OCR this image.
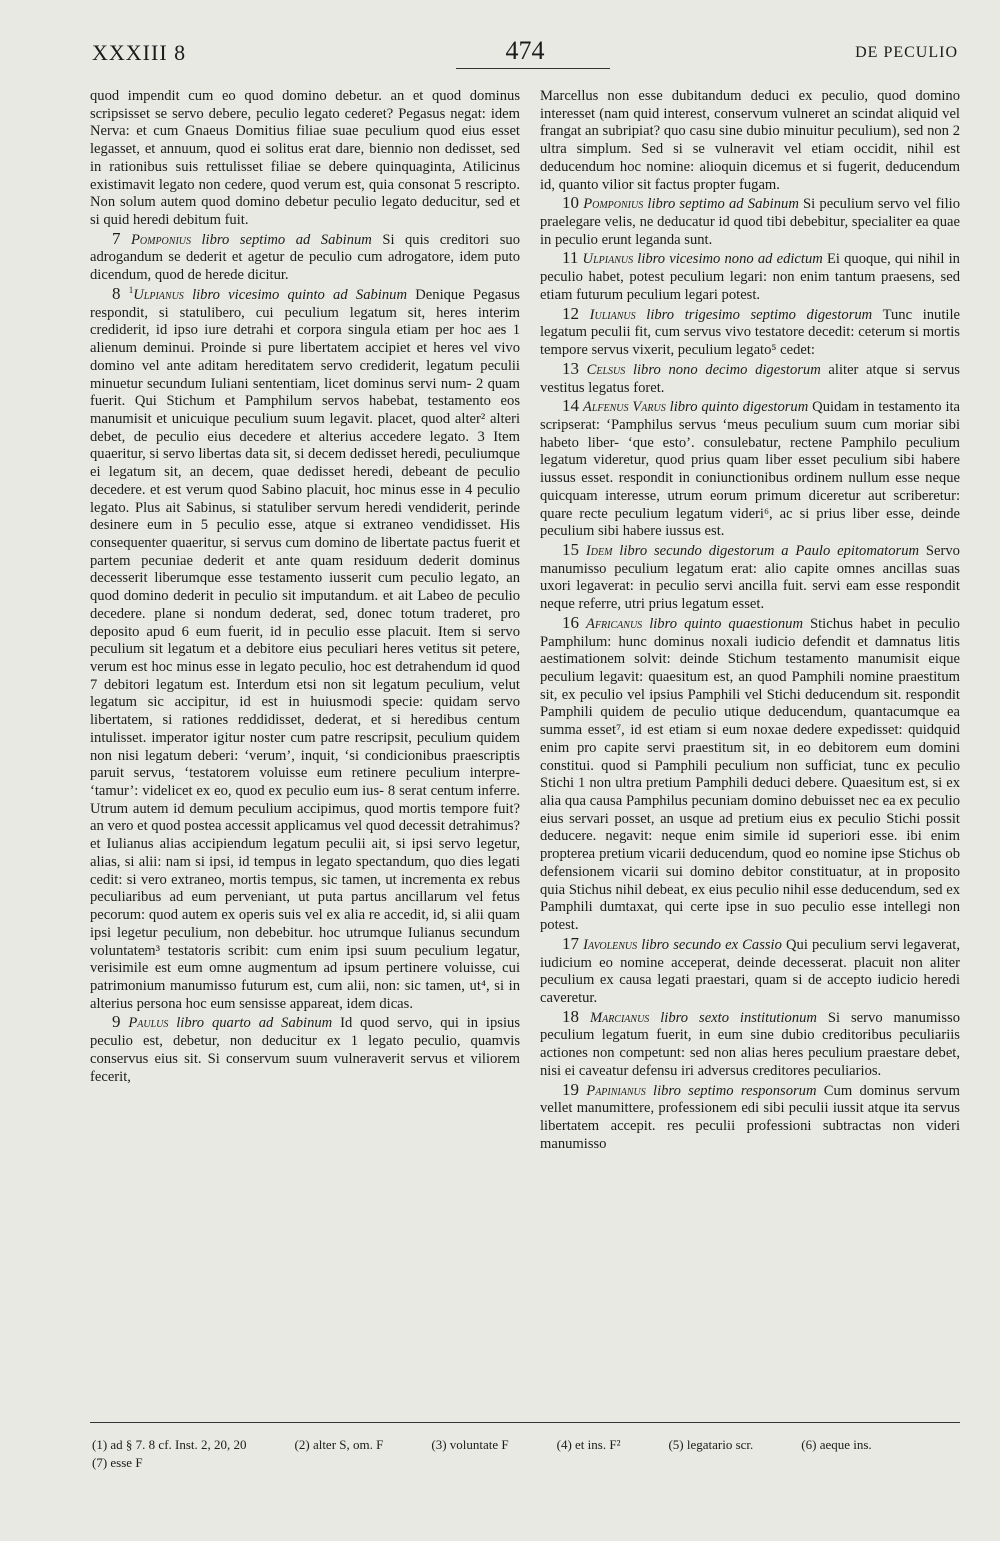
XXXIII 8	474	DE PECULIO

quod impendit cum eo quod domino debetur. an et quod dominus scripsisset se servo debere, peculio legato cederet? Pegasus negat: idem Nerva: et cum Gnaeus Domitius filiae suae peculium quod eius esset legasset, et annuum, quod ei solitus erat dare, biennio non dedisset, sed in rationibus suis rettulisset filiae se debere quinquaginta, Atilicinus existimavit legato non cedere, quod verum est, quia consonat 5 rescripto. Non solum autem quod domino debetur peculio legato deducitur, sed et si quid heredi debitum fuit.

7 Pomponius libro septimo ad Sabinum Si quis creditori suo adrogandum se dederit et agetur de peculio cum adrogatore, idem puto dicendum, quod de herede dicitur.

8 $^1$Ulpianus libro vicesimo quinto ad Sabinum Denique Pegasus respondit, si statulibero, cui peculium legatum sit, heres interim crediderit, id ipso iure detrahi et corpora singula etiam per hoc aes 1 alienum deminui. Proinde si pure libertatem accipiet et heres vel vivo domino vel ante aditam hereditatem servo crediderit, legatum peculii minuetur secundum Iuliani sententiam, licet dominus servi num- 2 quam fuerit. Qui Stichum et Pamphilum servos habebat, testamento eos manumisit et unicuique peculium suum legavit. placet, quod alter² alteri debet, de peculio eius decedere et alterius accedere legato. 3 Item quaeritur, si servo libertas data sit, si decem dedisset heredi, peculiumque ei legatum sit, an decem, quae dedisset heredi, debeant de peculio decedere. et est verum quod Sabino placuit, hoc minus esse in 4 peculio legato. Plus ait Sabinus, si statuliber servum heredi vendiderit, perinde desinere eum in 5 peculio esse, atque si extraneo vendidisset. His consequenter quaeritur, si servus cum domino de libertate pactus fuerit et partem pecuniae dederit et ante quam residuum dederit dominus decesserit liberumque esse testamento iusserit cum peculio legato, an quod domino dederit in peculio sit imputandum. et ait Labeo de peculio decedere. plane si nondum dederat, sed, donec totum traderet, pro deposito apud 6 eum fuerit, id in peculio esse placuit. Item si servo peculium sit legatum et a debitore eius peculiari heres vetitus sit petere, verum est hoc minus esse in legato peculio, hoc est detrahendum id quod 7 debitori legatum est. Interdum etsi non sit legatum peculium, velut legatum sic accipitur, id est in huiusmodi specie: quidam servo libertatem, si rationes reddidisset, dederat, et si heredibus centum intulisset. imperator igitur noster cum patre rescripsit, peculium quidem non nisi legatum deberi: ‘verum’, inquit, ‘si condicionibus praescriptis paruit servus, ‘testatorem voluisse eum retinere peculium interpre- ‘tamur’: videlicet ex eo, quod ex peculio eum ius- 8 serat centum inferre. Utrum autem id demum peculium accipimus, quod mortis tempore fuit? an vero et quod postea accessit applicamus vel quod decessit detrahimus? et Iulianus alias accipiendum legatum peculii ait, si ipsi servo legetur, alias, si alii: nam si ipsi, id tempus in legato spectandum, quo dies legati cedit: si vero extraneo, mortis tempus, sic tamen, ut incrementa ex rebus peculiaribus ad eum perveniant, ut puta partus ancillarum vel fetus pecorum: quod autem ex operis suis vel ex alia re accedit, id, si alii quam ipsi legetur peculium, non debebitur. hoc utrumque Iulianus secundum voluntatem³ testatoris scribit: cum enim ipsi suum peculium legatur, verisimile est eum omne augmentum ad ipsum pertinere voluisse, cui patrimonium manumisso futurum est, cum alii, non: sic tamen, ut⁴, si in alterius persona hoc eum sensisse appareat, idem dicas.

9 Paulus libro quarto ad Sabinum Id quod servo, qui in ipsius peculio est, debetur, non deducitur ex 1 legato peculio, quamvis conservus eius sit. Si conservum suum vulneraverit servus et viliorem fecerit,

Marcellus non esse dubitandum deduci ex peculio, quod domino interesset (nam quid interest, conservum vulneret an scindat aliquid vel frangat an subripiat? quo casu sine dubio minuitur peculium), sed non 2 ultra simplum. Sed si se vulneravit vel etiam occidit, nihil est deducendum hoc nomine: alioquin dicemus et si fugerit, deducendum id, quanto vilior sit factus propter fugam.

10 Pomponius libro septimo ad Sabinum Si peculium servo vel filio praelegare velis, ne deducatur id quod tibi debebitur, specialiter ea quae in peculio erunt leganda sunt.

11 Ulpianus libro vicesimo nono ad edictum Ei quoque, qui nihil in peculio habet, potest peculium legari: non enim tantum praesens, sed etiam futurum peculium legari potest.

12 Iulianus libro trigesimo septimo digestorum Tunc inutile legatum peculii fit, cum servus vivo testatore decedit: ceterum si mortis tempore servus vixerit, peculium legato⁵ cedet:

13 Celsus libro nono decimo digestorum aliter atque si servus vestitus legatus foret.

14 Alfenus Varus libro quinto digestorum Quidam in testamento ita scripserat: ‘Pamphilus servus ‘meus peculium suum cum moriar sibi habeto liber- ‘que esto’. consulebatur, rectene Pamphilo peculium legatum videretur, quod prius quam liber esset peculium sibi habere iussus esset. respondit in coniunctionibus ordinem nullum esse neque quicquam interesse, utrum eorum primum diceretur aut scriberetur: quare recte peculium legatum videri⁶, ac si prius liber esse, deinde peculium sibi habere iussus est.

15 Idem libro secundo digestorum a Paulo epitomatorum Servo manumisso peculium legatum erat: alio capite omnes ancillas suas uxori legaverat: in peculio servi ancilla fuit. servi eam esse respondit neque referre, utri prius legatum esset.

16 Africanus libro quinto quaestionum Stichus habet in peculio Pamphilum: hunc dominus noxali iudicio defendit et damnatus litis aestimationem solvit: deinde Stichum testamento manumisit eique peculium legavit: quaesitum est, an quod Pamphili nomine praestitum sit, ex peculio vel ipsius Pamphili vel Stichi deducendum sit. respondit Pamphili quidem de peculio utique deducendum, quantacumque ea summa esset⁷, id est etiam si eum noxae dedere expedisset: quidquid enim pro capite servi praestitum sit, in eo debitorem eum domini constitui. quod si Pamphili peculium non sufficiat, tunc ex peculio Stichi 1 non ultra pretium Pamphili deduci debere. Quaesitum est, si ex alia qua causa Pamphilus pecuniam domino debuisset nec ea ex peculio eius servari posset, an usque ad pretium eius ex peculio Stichi possit deducere. negavit: neque enim simile id superiori esse. ibi enim propterea pretium vicarii deducendum, quod eo nomine ipse Stichus ob defensionem vicarii sui domino debitor constituatur, at in proposito quia Stichus nihil debeat, ex eius peculio nihil esse deducendum, sed ex Pamphili dumtaxat, qui certe ipse in suo peculio esse intellegi non potest.

17 Iavolenus libro secundo ex Cassio Qui peculium servi legaverat, iudicium eo nomine acceperat, deinde decesserat. placuit non aliter peculium ex causa legati praestari, quam si de accepto iudicio heredi caveretur.

18 Marcianus libro sexto institutionum Si servo manumisso peculium legatum fuerit, in eum sine dubio creditoribus peculiariis actiones non competunt: sed non alias heres peculium praestare debet, nisi ei caveatur defensu iri adversus creditores peculiarios.

19 Papinianus libro septimo responsorum Cum dominus servum vellet manumittere, professionem edi sibi peculii iussit atque ita servus libertatem accepit. res peculii professioni subtractas non videri manumisso

(1) ad § 7. 8 cf. Inst. 2, 20, 20	(2) alter S, om. F	(3) voluntate F	(4) et ins. F²	(5) legatario scr.	(6) aeque ins.(7) esse F
